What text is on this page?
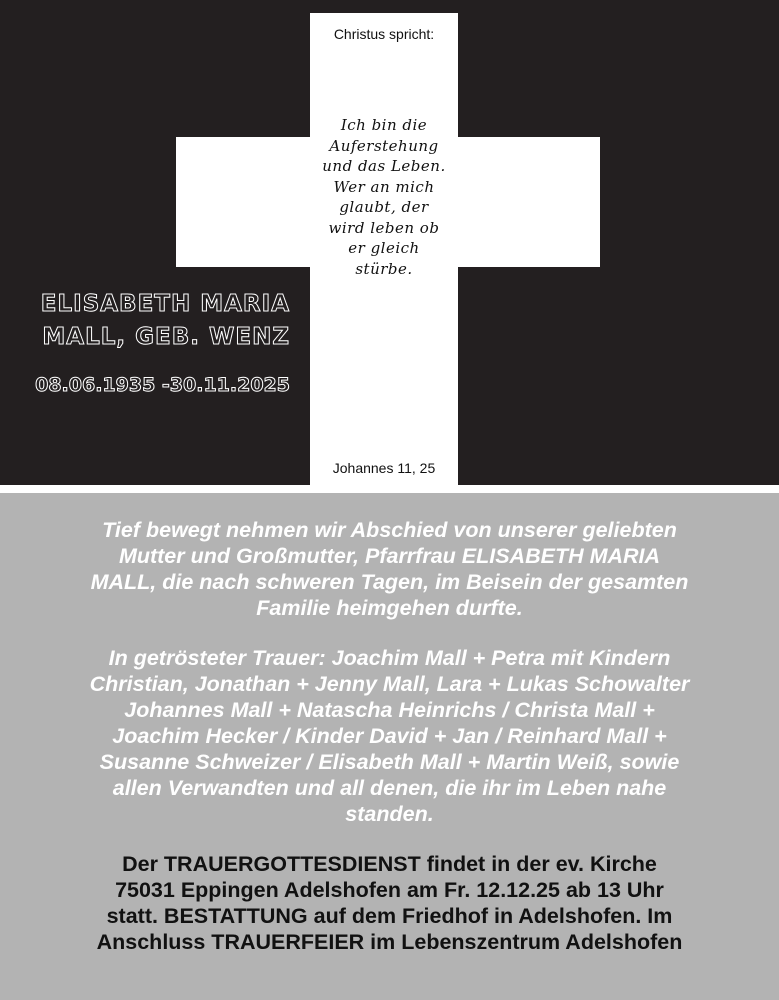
Christus spricht:
Ich bin die
Auferstehung
und das Leben.
Wer an mich
glaubt, der
wird leben ob
er gleich
stürbe.
Johannes 11, 25
ELISABETH MARIA
MALL, GEB. WENZ
08.06.1935 -30.11.2025
Tief bewegt nehmen wir Abschied von unserer geliebten
Mutter und Großmutter, Pfarrfrau ELISABETH MARIA
MALL, die nach schweren Tagen, im Beisein der gesamten
Familie heimgehen durfte.
In getrösteter Trauer: Joachim Mall + Petra mit Kindern
Christian, Jonathan + Jenny Mall, Lara + Lukas Schowalter
Johannes Mall + Natascha Heinrichs / Christa Mall +
Joachim Hecker / Kinder David + Jan / Reinhard Mall +
Susanne Schweizer / Elisabeth Mall + Martin Weiß, sowie
allen Verwandten und all denen, die ihr im Leben nahe
standen.
Der TRAUERGOTTESDIENST findet in der ev. Kirche
75031 Eppingen Adelshofen am Fr. 12.12.25 ab 13 Uhr
statt. BESTATTUNG auf dem Friedhof in Adelshofen. Im
Anschluss TRAUERFEIER im Lebenszentrum Adelshofen
